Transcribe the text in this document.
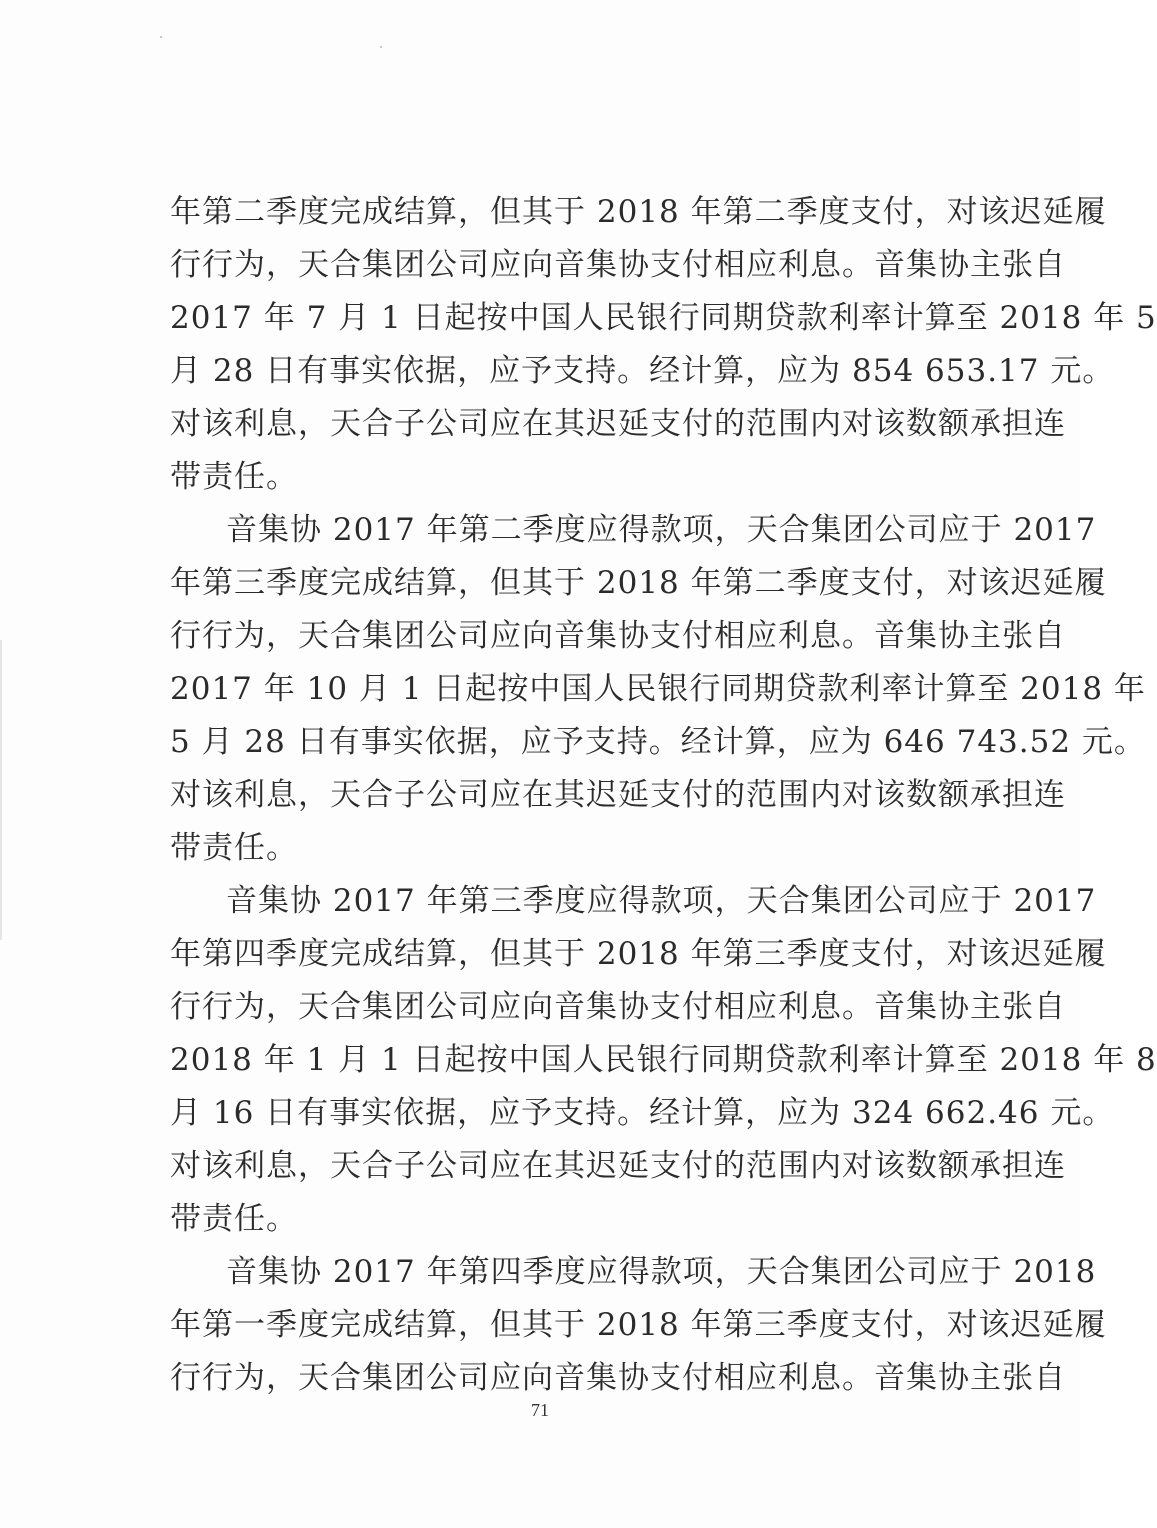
年第二季度完成结算，但其于 2018 年第二季度支付，对该迟延履
行行为，天合集团公司应向音集协支付相应利息。音集协主张自
2017 年 7 月 1 日起按中国人民银行同期贷款利率计算至 2018 年 5
月 28 日有事实依据，应予支持。经计算，应为 854 653.17 元。
对该利息，天合子公司应在其迟延支付的范围内对该数额承担连
带责任。
音集协 2017 年第二季度应得款项，天合集团公司应于 2017
年第三季度完成结算，但其于 2018 年第二季度支付，对该迟延履
行行为，天合集团公司应向音集协支付相应利息。音集协主张自
2017 年 10 月 1 日起按中国人民银行同期贷款利率计算至 2018 年
5 月 28 日有事实依据，应予支持。经计算，应为 646 743.52 元。
对该利息，天合子公司应在其迟延支付的范围内对该数额承担连
带责任。
音集协 2017 年第三季度应得款项，天合集团公司应于 2017
年第四季度完成结算，但其于 2018 年第三季度支付，对该迟延履
行行为，天合集团公司应向音集协支付相应利息。音集协主张自
2018 年 1 月 1 日起按中国人民银行同期贷款利率计算至 2018 年 8
月 16 日有事实依据，应予支持。经计算，应为 324 662.46 元。
对该利息，天合子公司应在其迟延支付的范围内对该数额承担连
带责任。
音集协 2017 年第四季度应得款项，天合集团公司应于 2018
年第一季度完成结算，但其于 2018 年第三季度支付，对该迟延履
行行为，天合集团公司应向音集协支付相应利息。音集协主张自
71
